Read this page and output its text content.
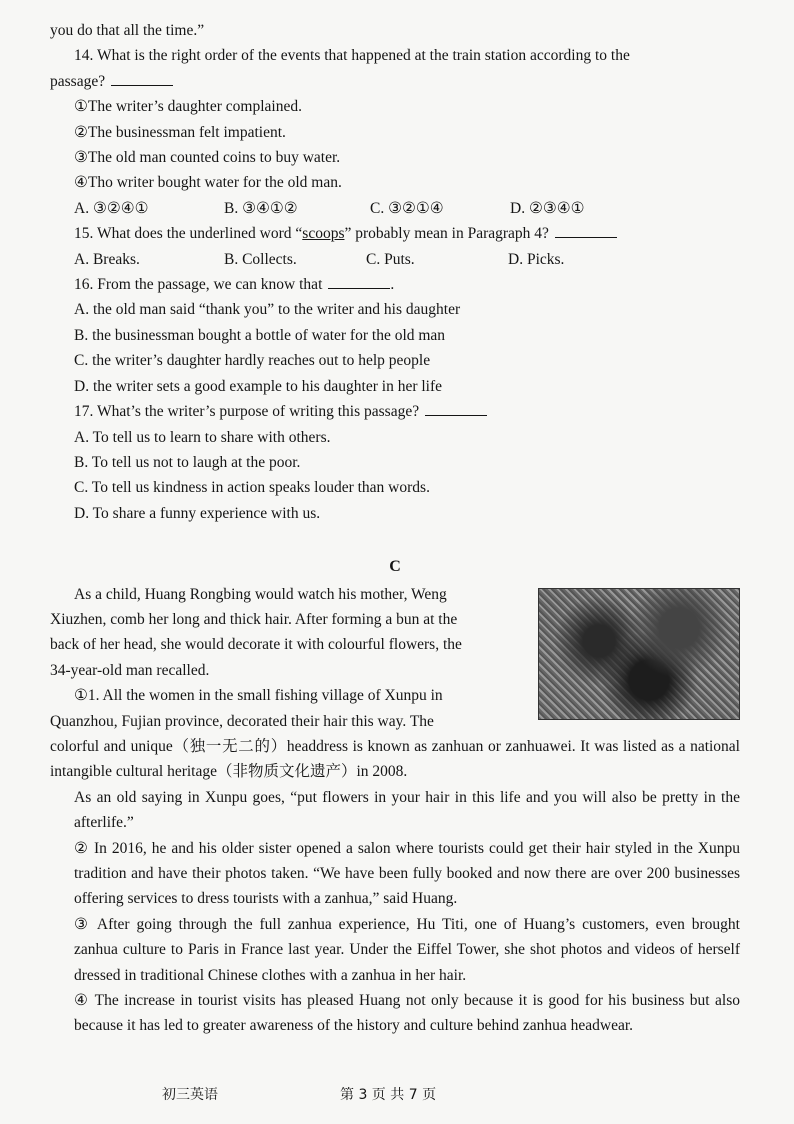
you do that all the time.”
14. What is the right order of the events that happened at the train station according to the
passage?
①The writer’s daughter complained.
②The businessman felt impatient.
③The old man counted coins to buy water.
④Tho writer bought water for the old man.
A. ③②④①	B. ③④①②	C. ③②①④	D. ②③④①
15. What does the underlined word “scoops” probably mean in Paragraph 4?
A. Breaks.	B. Collects.	C. Puts.	D. Picks.
16. From the passage, we can know that	.
A. the old man said “thank you” to the writer and his daughter
B. the businessman bought a bottle of water for the old man
C. the writer’s daughter hardly reaches out to help people
D. the writer sets a good example to his daughter in her life
17. What’s the writer’s purpose of writing this passage?
A. To tell us to learn to share with others.
B. To tell us not to laugh at the poor.
C. To tell us kindness in action speaks louder than words.
D. To share a funny experience with us.
C
As a child, Huang Rongbing would watch his mother, Weng
Xiuzhen, comb her long and thick hair. After forming a bun at the
back of her head, she would decorate it with colourful flowers, the
34-year-old man recalled.
①1. All the women in the small fishing village of Xunpu in
Quanzhou, Fujian province, decorated their hair this way. The
colorful and unique（独一无二的）headdress is known as zanhuan or zanhuawei. It was listed as a national intangible cultural heritage（非物质文化遗产）in 2008.
As an old saying in Xunpu goes, “put flowers in your hair in this life and you will also be pretty in the afterlife.”
② In 2016, he and his older sister opened a salon where tourists could get their hair styled in the Xunpu tradition and have their photos taken. “We have been fully booked and now there are over 200 businesses offering services to dress tourists with a zanhua,” said Huang.
③ After going through the full zanhua experience, Hu Titi, one of Huang’s customers, even brought zanhua culture to Paris in France last year. Under the Eiffel Tower, she shot photos and videos of herself dressed in traditional Chinese clothes with a zanhua in her hair.
④ The increase in tourist visits has pleased Huang not only because it is good for his business but also because it has led to greater awareness of the history and culture behind zanhua headwear.
初三英语	第 3 页 共 7 页
